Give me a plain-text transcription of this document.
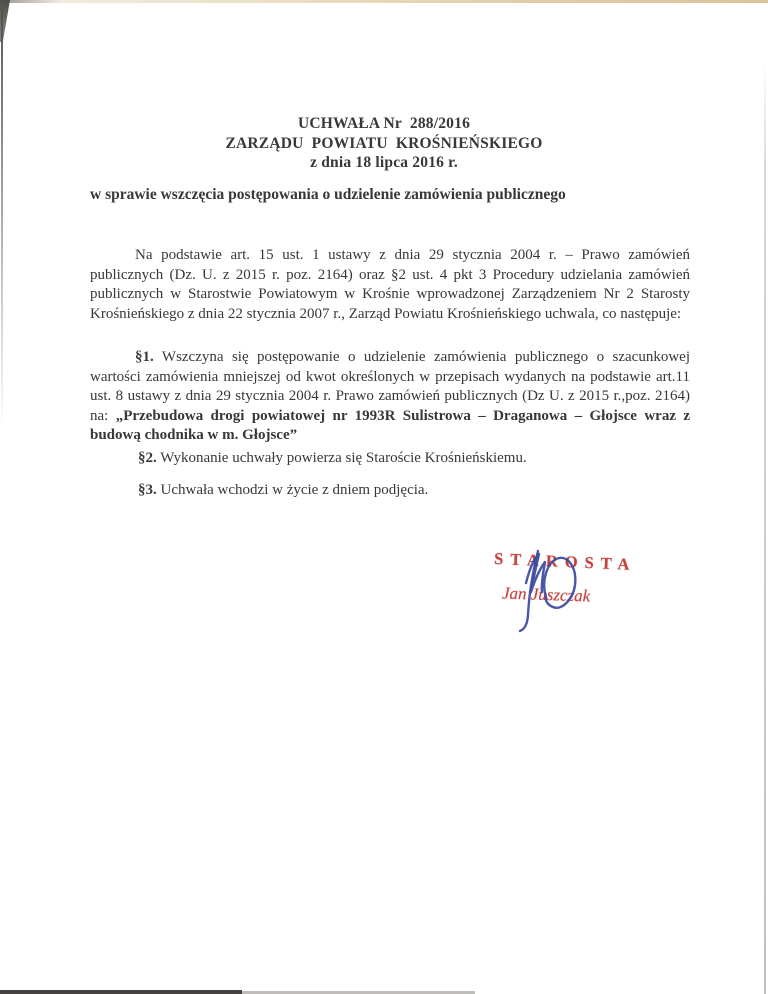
UCHWAŁA Nr  288/2016
ZARZĄDU  POWIATU  KROŚNIEŃSKIEGO
z dnia 18 lipca 2016 r.

w sprawie wszczęcia postępowania o udzielenie zamówienia publicznego

Na podstawie art. 15 ust. 1 ustawy z dnia 29 stycznia 2004 r. – Prawo zamówień publicznych (Dz. U. z 2015 r. poz. 2164) oraz §2 ust. 4 pkt 3 Procedury udzielania zamówień publicznych w Starostwie Powiatowym w Krośnie wprowadzonej Zarządzeniem Nr 2 Starosty Krośnieńskiego z dnia 22 stycznia 2007 r., Zarząd Powiatu Krośnieńskiego uchwala, co następuje:

§1. Wszczyna się postępowanie o udzielenie zamówienia publicznego o szacunkowej wartości zamówienia mniejszej od kwot określonych w przepisach wydanych na podstawie art.11 ust. 8 ustawy z dnia 29 stycznia 2004 r. Prawo zamówień publicznych (Dz U. z 2015 r.,poz. 2164) na: „Przebudowa drogi powiatowej nr 1993R Sulistrowa – Draganowa – Głojsce wraz z budową chodnika w m. Głojsce”

§2. Wykonanie uchwały powierza się Staroście Krośnieńskiemu.

§3. Uchwała wchodzi w życie z dniem podjęcia.

STAROSTA
Jan Juszczak
